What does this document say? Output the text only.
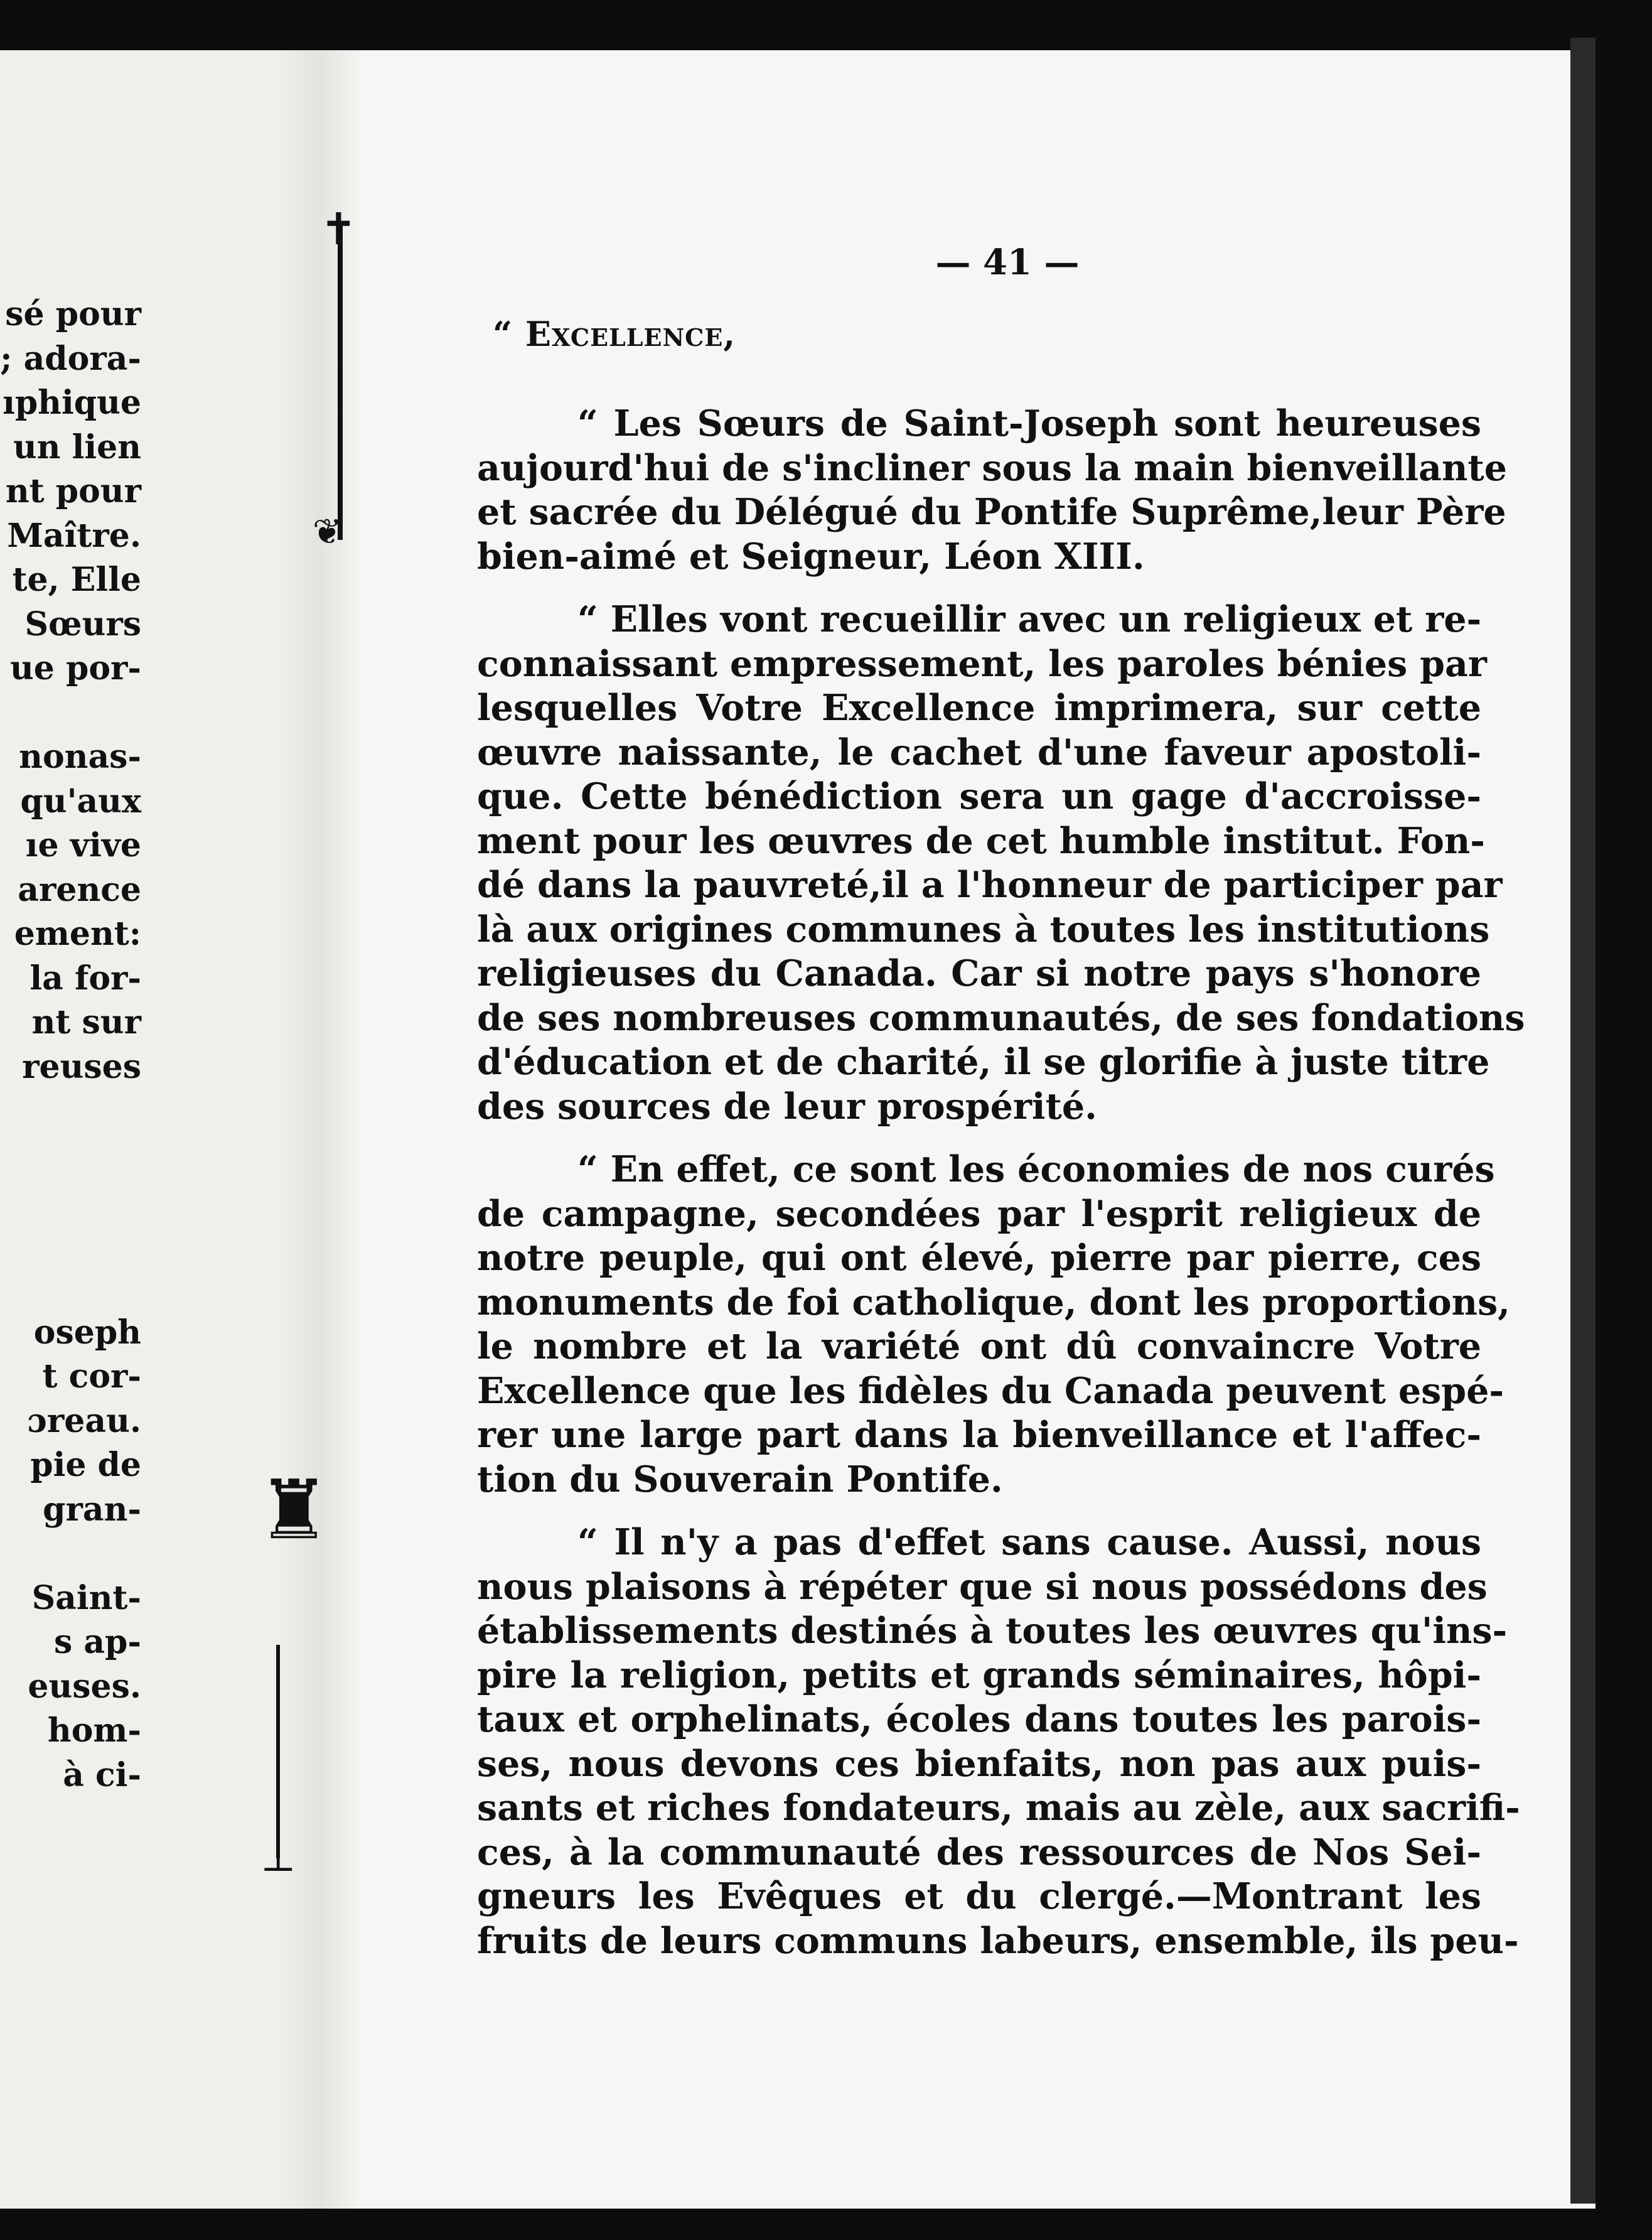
sé pour
; adora-
ıphique
un lien
nt pour
Maître.
te, Elle
Sœurs
ue por-
nonas-
qu'aux
ıe vive
arence
ement:
la for-
nt sur
reuses
oseph
t cor-
ɔreau.
pie de
gran-
Saint-
s ap-
euses.
hom-
à ci-
✝
❦
♜
⊥
— 41 —
“ Excellence,
“ Les Sœurs de Saint-Joseph sont heureuses
aujourd'hui de s'incliner sous la main bienveillante
et sacrée du Délégué du Pontife Suprême,leur Père
bien-aimé et Seigneur, Léon XIII.
“ Elles vont recueillir avec un religieux et re-
connaissant empressement, les paroles bénies par
lesquelles Votre Excellence imprimera, sur cette
œuvre naissante, le cachet d'une faveur apostoli-
que. Cette bénédiction sera un gage d'accroisse-
ment pour les œuvres de cet humble institut. Fon-
dé dans la pauvreté,il a l'honneur de participer par
là aux origines communes à toutes les institutions
religieuses du Canada. Car si notre pays s'honore
de ses nombreuses communautés, de ses fondations
d'éducation et de charité, il se glorifie à juste titre
des sources de leur prospérité.
“ En effet, ce sont les économies de nos curés
de campagne, secondées par l'esprit religieux de
notre peuple, qui ont élevé, pierre par pierre, ces
monuments de foi catholique, dont les proportions,
le nombre et la variété ont dû convaincre Votre
Excellence que les fidèles du Canada peuvent espé-
rer une large part dans la bienveillance et l'affec-
tion du Souverain Pontife.
“ Il n'y a pas d'effet sans cause. Aussi, nous
nous plaisons à répéter que si nous possédons des
établissements destinés à toutes les œuvres qu'ins-
pire la religion, petits et grands séminaires, hôpi-
taux et orphelinats, écoles dans toutes les parois-
ses, nous devons ces bienfaits, non pas aux puis-
sants et riches fondateurs, mais au zèle, aux sacrifi-
ces, à la communauté des ressources de Nos Sei-
gneurs les Evêques et du clergé.—Montrant les
fruits de leurs communs labeurs, ensemble, ils peu-
